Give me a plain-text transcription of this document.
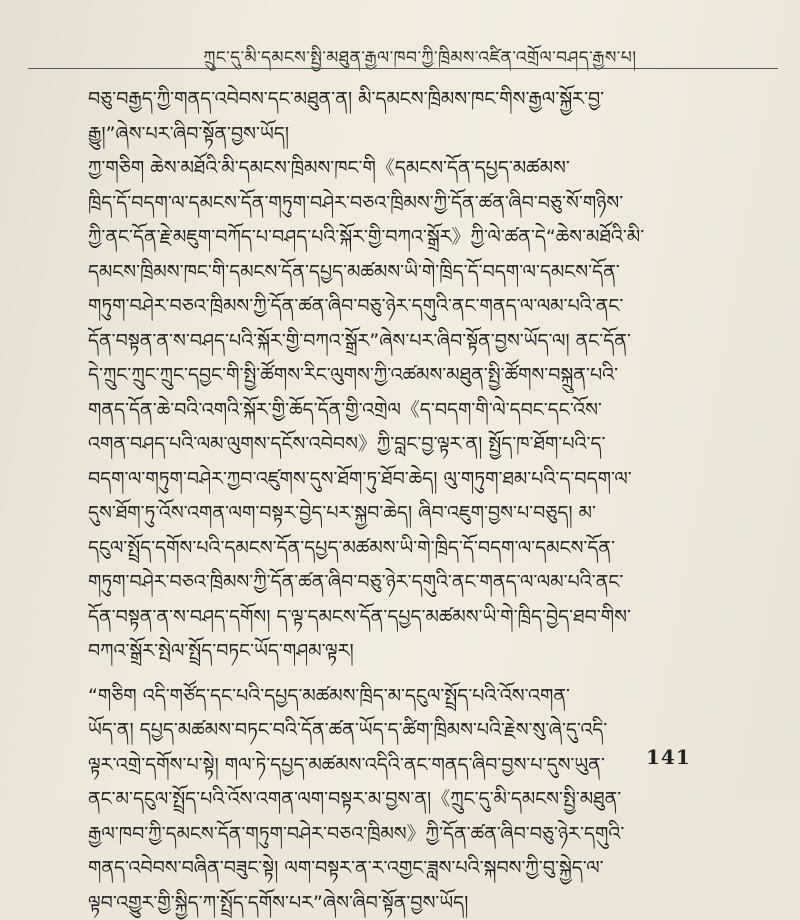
ཀྲུང་དུ་མི་དམངས་སྤྱི་མཐུན་རྒྱལ་ཁབ་ཀྱི་ཁྲིམས་འཛིན་འགྲོལ་བཤད་རྒྱས་པ།
བཅུ་བརྒྱད་ཀྱི་གནད་འབེབས་དང་མཐུན་ན། མི་དམངས་ཁྲིམས་ཁང་གིས་རྒྱལ་སྐྱོར་བྱ་
རྒྱུ།”ཞེས་པར་ཞིབ་སྟོན་བྱས་ཡོད།
ཀྱ་གཅིག ཆེས་མཐོའི་མི་དམངས་ཁྲིམས་ཁང་གི《དམངས་དོན་དཔྱད་མཚམས་
ཁྲིད་དོ་བདག་ལ་དམངས་དོན་གཏུག་བཤེར་བཅའ་ཁྲིམས་ཀྱི་དོན་ཚན་ཞིབ་བཅུ་སོ་གཉིས་
ཀྱི་ནང་དོན་རྗེ་མཇུག་བཀོད་པ་བཤད་པའི་སྐོར་གྱི་བཀའ་སྒྲོར》ཀྱི་ལེ་ཚན་དེ“ཆེས་མཐོའི་མི་
དམངས་ཁྲིམས་ཁང་གི་དམངས་དོན་དཔྱད་མཚམས་ཡི་གེ་ཁྲིད་དོ་བདག་ལ་དམངས་དོན་
གཏུག་བཤེར་བཅའ་ཁྲིམས་ཀྱི་དོན་ཚན་ཞིབ་བཅུ་ཉེར་དགུའི་ནང་གནད་ལ་ལམ་པའི་ནང་
དོན་བསྟན་ན་ས་བཤད་པའི་སྐོར་གྱི་བཀའ་སྒྲོར”ཞེས་པར་ཞིབ་སྟོན་བྱས་ཡོད་ལ། ནང་དོན་
དེ་ཀྲུང་ཀྲུང་ཀྲུང་དབྱང་གི་སྤྱི་ཚོགས་རིང་ལུགས་ཀྱི་འཚམས་མཐུན་སྤྱི་ཚོགས་བསྐྲུན་པའི་
གནད་དོན་ཆེ་བའི་འགའི་སྐོར་གྱི་ཆོད་དོན་གྱི་འགྲེལ《ད་བདག་གི་ལེ་དབང་དང་འོས་
འགན་བཤད་པའི་ལམ་ལུགས་དངོས་འབེབས》ཀྱི་བླང་བྱ་ལྟར་ན། སྤྱོད་ཁ་ཐོག་པའི་ད་
བདག་ལ་གཏུག་བཤེར་ཀྱབ་འཛུགས་དུས་ཐོག་ཏུ་ཐོབ་ཆེད། ལུ་གཏུག་ཐམ་པའི་ད་བདག་ལ་
དུས་ཐོག་ཏུ་འོས་འགན་ལག་བསྟར་བྱེད་པར་སྐྱབ་ཆེད། ཞིབ་འཇུག་བྱས་པ་བཅུད། མ་
དངུལ་སྤྲོད་དགོས་པའི་དམངས་དོན་དཔྱད་མཚམས་ཡི་གེ་ཁྲིད་དོ་བདག་ལ་དམངས་དོན་
གཏུག་བཤེར་བཅའ་ཁྲིམས་ཀྱི་དོན་ཚན་ཞིབ་བཅུ་ཉེར་དགུའི་ནང་གནད་ལ་ལམ་པའི་ནང་
དོན་བསྟན་ན་ས་བཤད་དགོས། ད་ལྟ་དམངས་དོན་དཔྱད་མཚམས་ཡི་གེ་ཁྲིད་བྱེད་ཐབ་གིས་
བཀའ་སྒྲོར་སྤེལ་སྤྲོད་བཏང་ཡོད་གཤམ་ལྟར།
“གཅིག འདི་གཙོད་དང་པའི་དཔྱད་མཚམས་ཁྲིད་མ་དངུལ་སྤྲོད་པའི་འོས་འགན་
ཡོད་ན། དཔྱད་མཚམས་བཏང་བའི་དོན་ཚན་ཡོད་ད་ཚིག་ཁྲིམས་པའི་རྗེས་སུ་ཞེ་དུ་འདི་
ལྟར་འགྲེ་དགོས་པ་སྟེ། གལ་ཏེ་དཔྱད་མཚམས་འདིའི་ནང་གནད་ཞིབ་བྱས་པ་དུས་ཡུན་
ནང་མ་དངུལ་སྤྲོད་པའི་འོས་འགན་ལག་བསྟར་མ་བྱས་ན།《ཀྲུང་དུ་མི་དམངས་སྤྱི་མཐུན་
རྒྱལ་ཁབ་ཀྱི་དམངས་དོན་གཏུག་བཤེར་བཅའ་ཁྲིམས》ཀྱི་དོན་ཚན་ཞིབ་བཅུ་ཉེར་དགུའི་
གནད་འབེབས་བཞིན་བཟུང་སྟེ། ལག་བསྟར་ན་ར་འགྱང་ཟླས་པའི་སྐབས་ཀྱི་བུ་སྐྱེད་ལ་
ལྟབ་འགྱུར་གྱི་སྐྱིད་ཀ་སྤྲོད་དགོས་པར”ཞེས་ཞིབ་སྟོན་བྱས་ཡོད།
141
